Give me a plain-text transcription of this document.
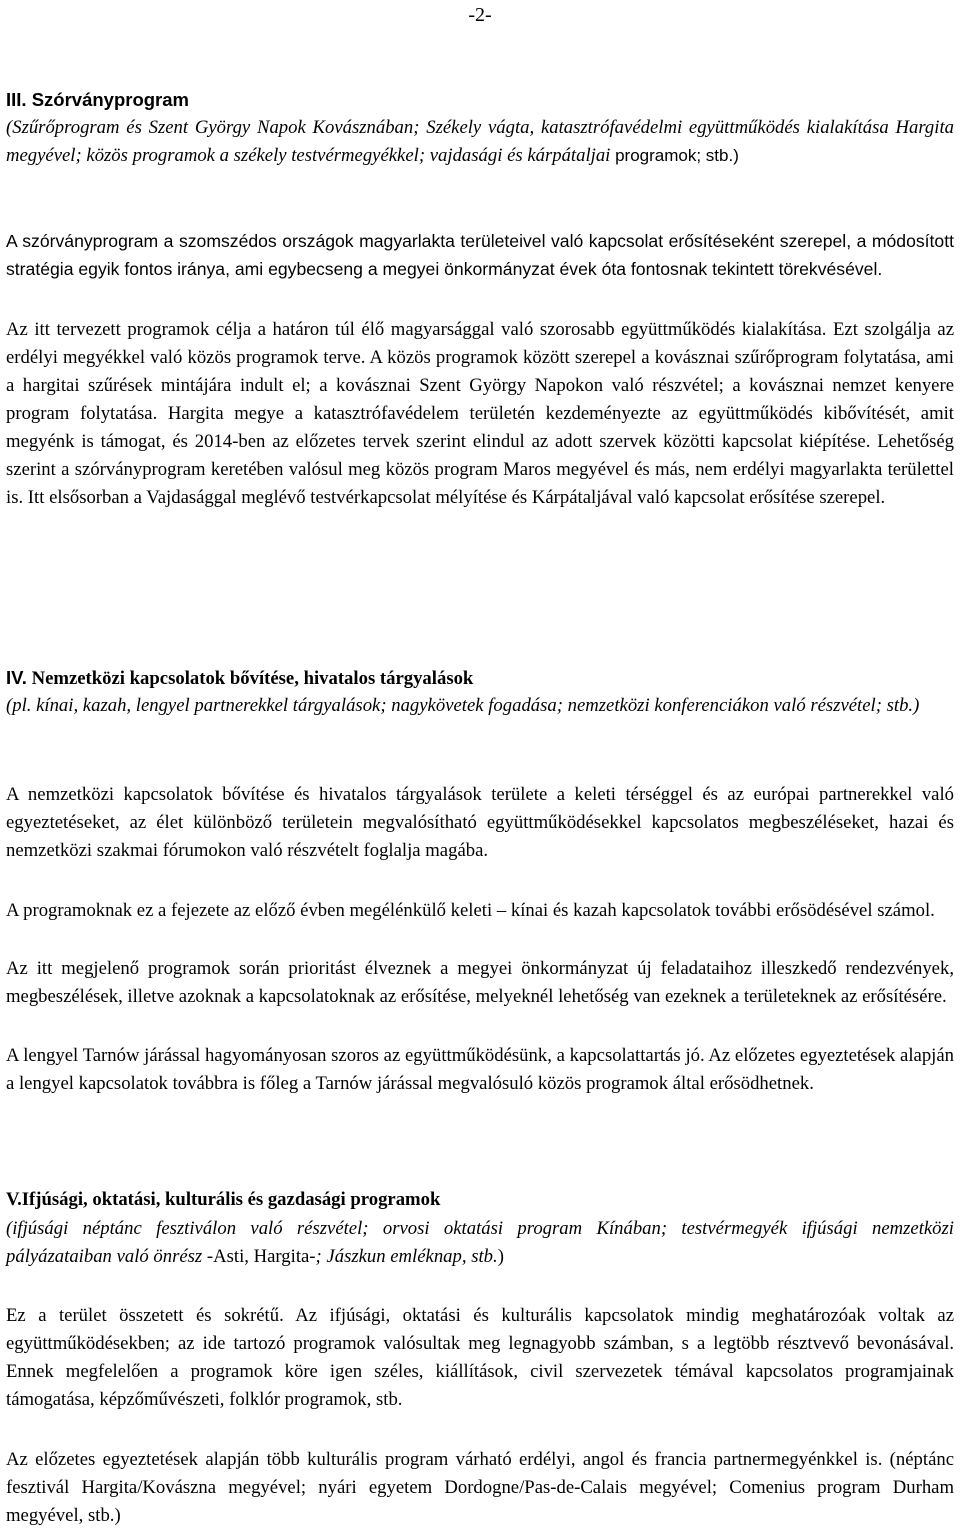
-2-
III. Szórványprogram

(Szűrőprogram és Szent György Napok Kovásznában; Székely vágta, katasztrófavédelmi együttműködés kialakítása Hargita megyével; közös programok a székely testvérmegyékkel; vajdasági és kárpátaljai programok; stb.)

A szórványprogram a szomszédos országok magyarlakta területeivel való kapcsolat erősítéseként szerepel, a módosított stratégia egyik fontos iránya, ami egybecseng a megyei önkormányzat évek óta fontosnak tekintett törekvésével.

Az itt tervezett programok célja a határon túl élő magyarsággal való szorosabb együttműködés kialakítása. Ezt szolgálja az erdélyi megyékkel való közös programok terve. A közös programok között szerepel a kovásznai szűrőprogram folytatása, ami a hargitai szűrések mintájára indult el; a kovásznai Szent György Napokon való részvétel; a kovásznai nemzet kenyere program folytatása. Hargita megye a katasztrófavédelem területén kezdeményezte az együttműködés kibővítését, amit megyénk is támogat, és 2014-ben az előzetes tervek szerint elindul az adott szervek közötti kapcsolat kiépítése. Lehetőség szerint a szórványprogram keretében valósul meg közös program Maros megyével és más, nem erdélyi magyarlakta területtel is. Itt elsősorban a Vajdasággal meglévő testvérkapcsolat mélyítése és Kárpátaljával való kapcsolat erősítése szerepel.

IV. Nemzetközi kapcsolatok bővítése, hivatalos tárgyalások

(pl. kínai, kazah, lengyel partnerekkel tárgyalások; nagykövetek fogadása; nemzetközi konferenciákon való részvétel; stb.)

A nemzetközi kapcsolatok bővítése és hivatalos tárgyalások területe a keleti térséggel és az európai partnerekkel való egyeztetéseket, az élet különböző területein megvalósítható együttműködésekkel kapcsolatos megbeszéléseket, hazai és nemzetközi szakmai fórumokon való részvételt foglalja magába.

A programoknak ez a fejezete az előző évben megélénkülő keleti – kínai és kazah kapcsolatok további erősödésével számol.

Az itt megjelenő programok során prioritást élveznek a megyei önkormányzat új feladataihoz illeszkedő rendezvények, megbeszélések, illetve azoknak a kapcsolatoknak az erősítése, melyeknél lehetőség van ezeknek a területeknek az erősítésére.

A lengyel Tarnów járással hagyományosan szoros az együttműködésünk, a kapcsolattartás jó. Az előzetes egyeztetések alapján a lengyel kapcsolatok továbbra is főleg a Tarnów járással megvalósuló közös programok által erősödhetnek.

V.Ifjúsági, oktatási, kulturális és gazdasági programok

(ifjúsági néptánc fesztiválon való részvétel; orvosi oktatási program Kínában; testvérmegyék ifjúsági nemzetközi pályázataiban való önrész -Asti, Hargita-; Jászkun emléknap, stb.)

Ez a terület összetett és sokrétű. Az ifjúsági, oktatási és kulturális kapcsolatok mindig meghatározóak voltak az együttműködésekben; az ide tartozó programok valósultak meg legnagyobb számban, s a legtöbb résztvevő bevonásával. Ennek megfelelően a programok köre igen széles, kiállítások, civil szervezetek témával kapcsolatos programjainak támogatása, képzőművészeti, folklór programok, stb.

Az előzetes egyeztetések alapján több kulturális program várható erdélyi, angol és francia partnermegyénkkel is. (néptánc fesztivál Hargita/Kovászna megyével; nyári egyetem Dordogne/Pas-de-Calais megyével; Comenius program Durham megyével, stb.)
